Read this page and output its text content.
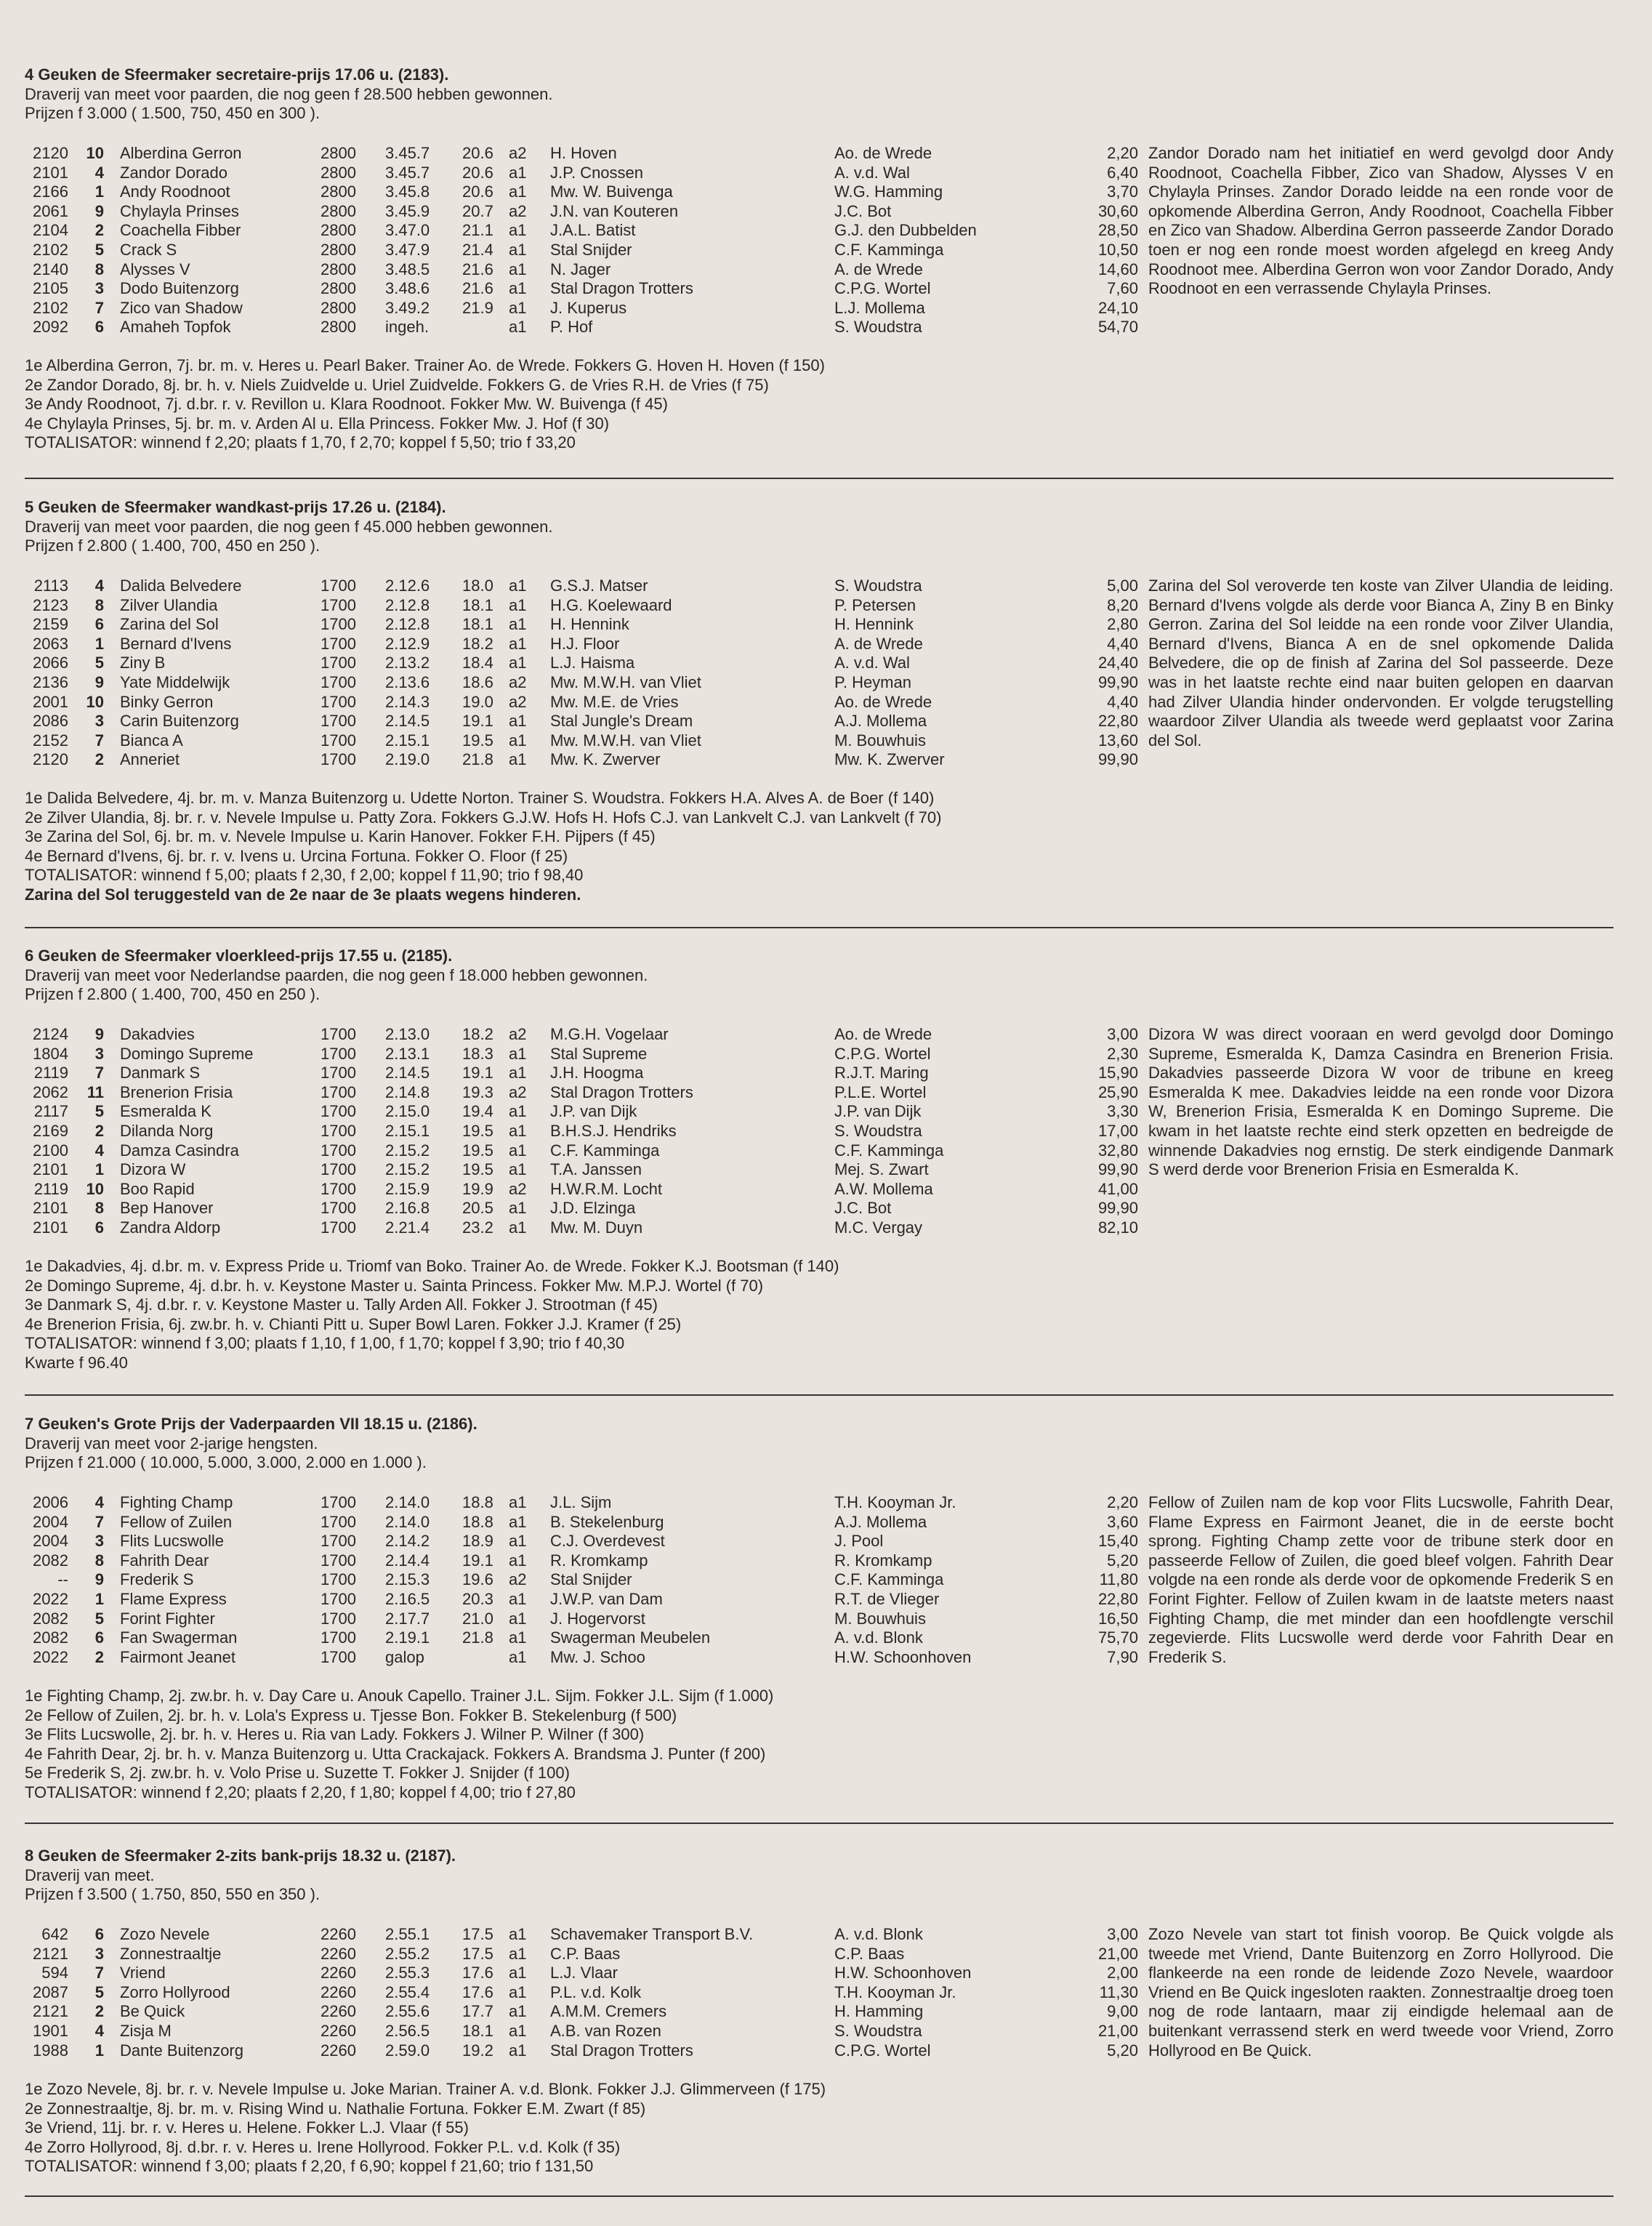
4 Geuken de Sfeermaker secretaire-prijs 17.06 u. (2183).
Draverij van meet voor paarden, die nog geen f 28.500 hebben gewonnen.
Prijzen f 3.000 ( 1.500, 750, 450 en 300 ).
2120 10 Alberdina Gerron	2800 3.45.7 20.6 a2 H. Hoven	Ao. de Wrede	2,20
2101	4 Zandor Dorado	2800 3.45.7 20.6 a1 J.P. Cnossen	A. v.d. Wal	6,40
2166	1 Andy Roodnoot	2800 3.45.8 20.6 a1 Mw. W. Buivenga	W.G. Hamming	3,70
2061	9 Chylayla Prinses	2800 3.45.9 20.7 a2 J.N. van Kouteren	J.C. Bot	30,60
2104	2 Coachella Fibber	2800 3.47.0 21.1 a1 J.A.L. Batist	G.J. den Dubbelden	28,50
2102	5 Crack S	2800 3.47.9 21.4 a1 Stal Snijder	C.F. Kamminga	10,50
2140	8 Alysses V	2800 3.48.5 21.6 a1 N. Jager	A. de Wrede	14,60
2105	3 Dodo Buitenzorg	2800 3.48.6 21.6 a1 Stal Dragon Trotters	C.P.G. Wortel	7,60
2102	7 Zico van Shadow	2800 3.49.2 21.9 a1 J. Kuperus	L.J. Mollema	24,10
2092	6 Amaheh Topfok	2800 ingeh.	a1 P. Hof	S. Woudstra	54,70
Zandor Dorado nam het initiatief en werd gevolgd door Andy Roodnoot, Coachella Fibber, Zico van Shadow, Alysses V en Chylayla Prinses. Zandor Dorado leidde na een ronde voor de opkomende Alberdina Gerron, Andy Roodnoot, Coachella Fibber en Zico van Shadow. Alberdina Gerron passeerde Zandor Dorado toen er nog een ronde moest worden afgelegd en kreeg Andy Roodnoot mee. Alberdina Gerron won voor Zandor Dorado, Andy Roodnoot en een verrassende Chylayla Prinses.
1e Alberdina Gerron, 7j. br. m. v. Heres u. Pearl Baker. Trainer Ao. de Wrede. Fokkers G. Hoven H. Hoven (f 150)
2e Zandor Dorado, 8j. br. h. v. Niels Zuidvelde u. Uriel Zuidvelde. Fokkers G. de Vries R.H. de Vries (f 75)
3e Andy Roodnoot, 7j. d.br. r. v. Revillon u. Klara Roodnoot. Fokker Mw. W. Buivenga (f 45)
4e Chylayla Prinses, 5j. br. m. v. Arden Al u. Ella Princess. Fokker Mw. J. Hof (f 30)
TOTALISATOR: winnend f 2,20; plaats f 1,70, f 2,70; koppel f 5,50; trio f 33,20
5 Geuken de Sfeermaker wandkast-prijs 17.26 u. (2184).
Draverij van meet voor paarden, die nog geen f 45.000 hebben gewonnen.
Prijzen f 2.800 ( 1.400, 700, 450 en 250 ).
2113	4 Dalida Belvedere	1700 2.12.6 18.0 a1 G.S.J. Matser	S. Woudstra	5,00
2123	8 Zilver Ulandia	1700 2.12.8 18.1 a1 H.G. Koelewaard	P. Petersen	8,20
2159	6 Zarina del Sol	1700 2.12.8 18.1 a1 H. Hennink	H. Hennink	2,80
2063	1 Bernard d'Ivens	1700 2.12.9 18.2 a1 H.J. Floor	A. de Wrede	4,40
2066	5 Ziny B	1700 2.13.2 18.4 a1 L.J. Haisma	A. v.d. Wal	24,40
2136	9 Yate Middelwijk	1700 2.13.6 18.6 a2 Mw. M.W.H. van Vliet	P. Heyman	99,90
2001 10 Binky Gerron	1700 2.14.3 19.0 a2 Mw. M.E. de Vries	Ao. de Wrede	4,40
2086	3 Carin Buitenzorg	1700 2.14.5 19.1 a1 Stal Jungle's Dream	A.J. Mollema	22,80
2152	7 Bianca A	1700 2.15.1 19.5 a1 Mw. M.W.H. van Vliet	M. Bouwhuis	13,60
2120	2 Anneriet	1700 2.19.0 21.8 a1 Mw. K. Zwerver	Mw. K. Zwerver	99,90
Zarina del Sol veroverde ten koste van Zilver Ulandia de leiding. Bernard d'Ivens volgde als derde voor Bianca A, Ziny B en Binky Gerron. Zarina del Sol leidde na een ronde voor Zilver Ulandia, Bernard d'Ivens, Bianca A en de snel opkomende Dalida Belvedere, die op de finish af Zarina del Sol passeerde. Deze was in het laatste rechte eind naar buiten gelopen en daarvan had Zilver Ulandia hinder ondervonden. Er volgde terugstelling waardoor Zilver Ulandia als tweede werd geplaatst voor Zarina del Sol.
1e Dalida Belvedere, 4j. br. m. v. Manza Buitenzorg u. Udette Norton. Trainer S. Woudstra. Fokkers H.A. Alves A. de Boer (f 140)
2e Zilver Ulandia, 8j. br. r. v. Nevele Impulse u. Patty Zora. Fokkers G.J.W. Hofs H. Hofs C.J. van Lankvelt C.J. van Lankvelt (f 70)
3e Zarina del Sol, 6j. br. m. v. Nevele Impulse u. Karin Hanover. Fokker F.H. Pijpers (f 45)
4e Bernard d'Ivens, 6j. br. r. v. Ivens u. Urcina Fortuna. Fokker O. Floor (f 25)
TOTALISATOR: winnend f 5,00; plaats f 2,30, f 2,00; koppel f 11,90; trio f 98,40
Zarina del Sol teruggesteld van de 2e naar de 3e plaats wegens hinderen.
6 Geuken de Sfeermaker vloerkleed-prijs 17.55 u. (2185).
Draverij van meet voor Nederlandse paarden, die nog geen f 18.000 hebben gewonnen.
Prijzen f 2.800 ( 1.400, 700, 450 en 250 ).
2124	9 Dakadvies	1700 2.13.0 18.2 a2 M.G.H. Vogelaar	Ao. de Wrede	3,00
1804	3 Domingo Supreme	1700 2.13.1 18.3 a1 Stal Supreme	C.P.G. Wortel	2,30
2119	7 Danmark S	1700 2.14.5 19.1 a1 J.H. Hoogma	R.J.T. Maring	15,90
2062	11 Brenerion Frisia	1700 2.14.8 19.3 a2 Stal Dragon Trotters	P.L.E. Wortel	25,90
2117	5 Esmeralda K	1700 2.15.0 19.4 a1 J.P. van Dijk	J.P. van Dijk	3,30
2169	2 Dilanda Norg	1700 2.15.1 19.5 a1 B.H.S.J. Hendriks	S. Woudstra	17,00
2100	4 Damza Casindra	1700 2.15.2 19.5 a1 C.F. Kamminga	C.F. Kamminga	32,80
2101	1 Dizora W	1700 2.15.2 19.5 a1 T.A. Janssen	Mej. S. Zwart	99,90
2119 10 Boo Rapid	1700 2.15.9 19.9 a2 H.W.R.M. Locht	A.W. Mollema	41,00
2101	8 Bep Hanover	1700 2.16.8 20.5 a1 J.D. Elzinga	J.C. Bot	99,90
2101	6 Zandra Aldorp	1700 2.21.4 23.2 a1 Mw. M. Duyn	M.C. Vergay	82,10
Dizora W was direct vooraan en werd gevolgd door Domingo Supreme, Esmeralda K, Damza Casindra en Brenerion Frisia. Dakadvies passeerde Dizora W voor de tribune en kreeg Esmeralda K mee. Dakadvies leidde na een ronde voor Dizora W, Brenerion Frisia, Esmeralda K en Domingo Supreme. Die kwam in het laatste rechte eind sterk opzetten en bedreigde de winnende Dakadvies nog ernstig. De sterk eindigende Danmark S werd derde voor Brenerion Frisia en Esmeralda K.
1e Dakadvies, 4j. d.br. m. v. Express Pride u. Triomf van Boko. Trainer Ao. de Wrede. Fokker K.J. Bootsman (f 140)
2e Domingo Supreme, 4j. d.br. h. v. Keystone Master u. Sainta Princess. Fokker Mw. M.P.J. Wortel (f 70)
3e Danmark S, 4j. d.br. r. v. Keystone Master u. Tally Arden All. Fokker J. Strootman (f 45)
4e Brenerion Frisia, 6j. zw.br. h. v. Chianti Pitt u. Super Bowl Laren. Fokker J.J. Kramer (f 25)
TOTALISATOR: winnend f 3,00; plaats f 1,10, f 1,00, f 1,70; koppel f 3,90; trio f 40,30
Kwarte f 96.40
7 Geuken's Grote Prijs der Vaderpaarden VII 18.15 u. (2186).
Draverij van meet voor 2-jarige hengsten.
Prijzen f 21.000 ( 10.000, 5.000, 3.000, 2.000 en 1.000 ).
2006	4 Fighting Champ	1700 2.14.0 18.8 a1 J.L. Sijm	T.H. Kooyman Jr.	2,20
2004	7 Fellow of Zuilen	1700 2.14.0 18.8 a1 B. Stekelenburg	A.J. Mollema	3,60
2004	3 Flits Lucswolle	1700 2.14.2 18.9 a1 C.J. Overdevest	J. Pool	15,40
2082	8 Fahrith Dear	1700 2.14.4 19.1 a1 R. Kromkamp	R. Kromkamp	5,20
--	9 Frederik S	1700 2.15.3 19.6 a2 Stal Snijder	C.F. Kamminga	11,80
2022	1 Flame Express	1700 2.16.5 20.3 a1 J.W.P. van Dam	R.T. de Vlieger	22,80
2082	5 Forint Fighter	1700 2.17.7 21.0 a1 J. Hogervorst	M. Bouwhuis	16,50
2082	6 Fan Swagerman	1700 2.19.1 21.8 a1 Swagerman Meubelen	A. v.d. Blonk	75,70
2022	2 Fairmont Jeanet	1700 galop	a1 Mw. J. Schoo	H.W. Schoonhoven	7,90
Fellow of Zuilen nam de kop voor Flits Lucswolle, Fahrith Dear, Flame Express en Fairmont Jeanet, die in de eerste bocht sprong. Fighting Champ zette voor de tribune sterk door en passeerde Fellow of Zuilen, die goed bleef volgen. Fahrith Dear volgde na een ronde als derde voor de opkomende Frederik S en Forint Fighter. Fellow of Zuilen kwam in de laatste meters naast Fighting Champ, die met minder dan een hoofdlengte verschil zegevierde. Flits Lucswolle werd derde voor Fahrith Dear en Frederik S.
1e Fighting Champ, 2j. zw.br. h. v. Day Care u. Anouk Capello. Trainer J.L. Sijm. Fokker J.L. Sijm (f 1.000)
2e Fellow of Zuilen, 2j. br. h. v. Lola's Express u. Tjesse Bon. Fokker B. Stekelenburg (f 500)
3e Flits Lucswolle, 2j. br. h. v. Heres u. Ria van Lady. Fokkers J. Wilner P. Wilner (f 300)
4e Fahrith Dear, 2j. br. h. v. Manza Buitenzorg u. Utta Crackajack. Fokkers A. Brandsma J. Punter (f 200)
5e Frederik S, 2j. zw.br. h. v. Volo Prise u. Suzette T. Fokker J. Snijder (f 100)
TOTALISATOR: winnend f 2,20; plaats f 2,20, f 1,80; koppel f 4,00; trio f 27,80
8 Geuken de Sfeermaker 2-zits bank-prijs 18.32 u. (2187).
Draverij van meet.
Prijzen f 3.500 ( 1.750, 850, 550 en 350 ).
642	6 Zozo Nevele	2260 2.55.1 17.5 a1 Schavemaker Transport B.V.	A. v.d. Blonk	3,00
2121	3 Zonnestraaltje	2260 2.55.2 17.5 a1 C.P. Baas	C.P. Baas	21,00
594	7 Vriend	2260 2.55.3 17.6 a1 L.J. Vlaar	H.W. Schoonhoven	2,00
2087	5 Zorro Hollyrood	2260 2.55.4 17.6 a1 P.L. v.d. Kolk	T.H. Kooyman Jr.	11,30
2121	2 Be Quick	2260 2.55.6 17.7 a1 A.M.M. Cremers	H. Hamming	9,00
1901	4 Zisja M	2260 2.56.5 18.1 a1 A.B. van Rozen	S. Woudstra	21,00
1988	1 Dante Buitenzorg	2260 2.59.0 19.2 a1 Stal Dragon Trotters	C.P.G. Wortel	5,20
Zozo Nevele van start tot finish voorop. Be Quick volgde als tweede met Vriend, Dante Buitenzorg en Zorro Hollyrood. Die flankeerde na een ronde de leidende Zozo Nevele, waardoor Vriend en Be Quick ingesloten raakten. Zonnestraaltje droeg toen nog de rode lantaarn, maar zij eindigde helemaal aan de buitenkant verrassend sterk en werd tweede voor Vriend, Zorro Hollyrood en Be Quick.
1e Zozo Nevele, 8j. br. r. v. Nevele Impulse u. Joke Marian. Trainer A. v.d. Blonk. Fokker J.J. Glimmerveen (f 175)
2e Zonnestraaltje, 8j. br. m. v. Rising Wind u. Nathalie Fortuna. Fokker E.M. Zwart (f 85)
3e Vriend, 11j. br. r. v. Heres u. Helene. Fokker L.J. Vlaar (f 55)
4e Zorro Hollyrood, 8j. d.br. r. v. Heres u. Irene Hollyrood. Fokker P.L. v.d. Kolk (f 35)
TOTALISATOR: winnend f 3,00; plaats f 2,20, f 6,90; koppel f 21,60; trio f 131,50
